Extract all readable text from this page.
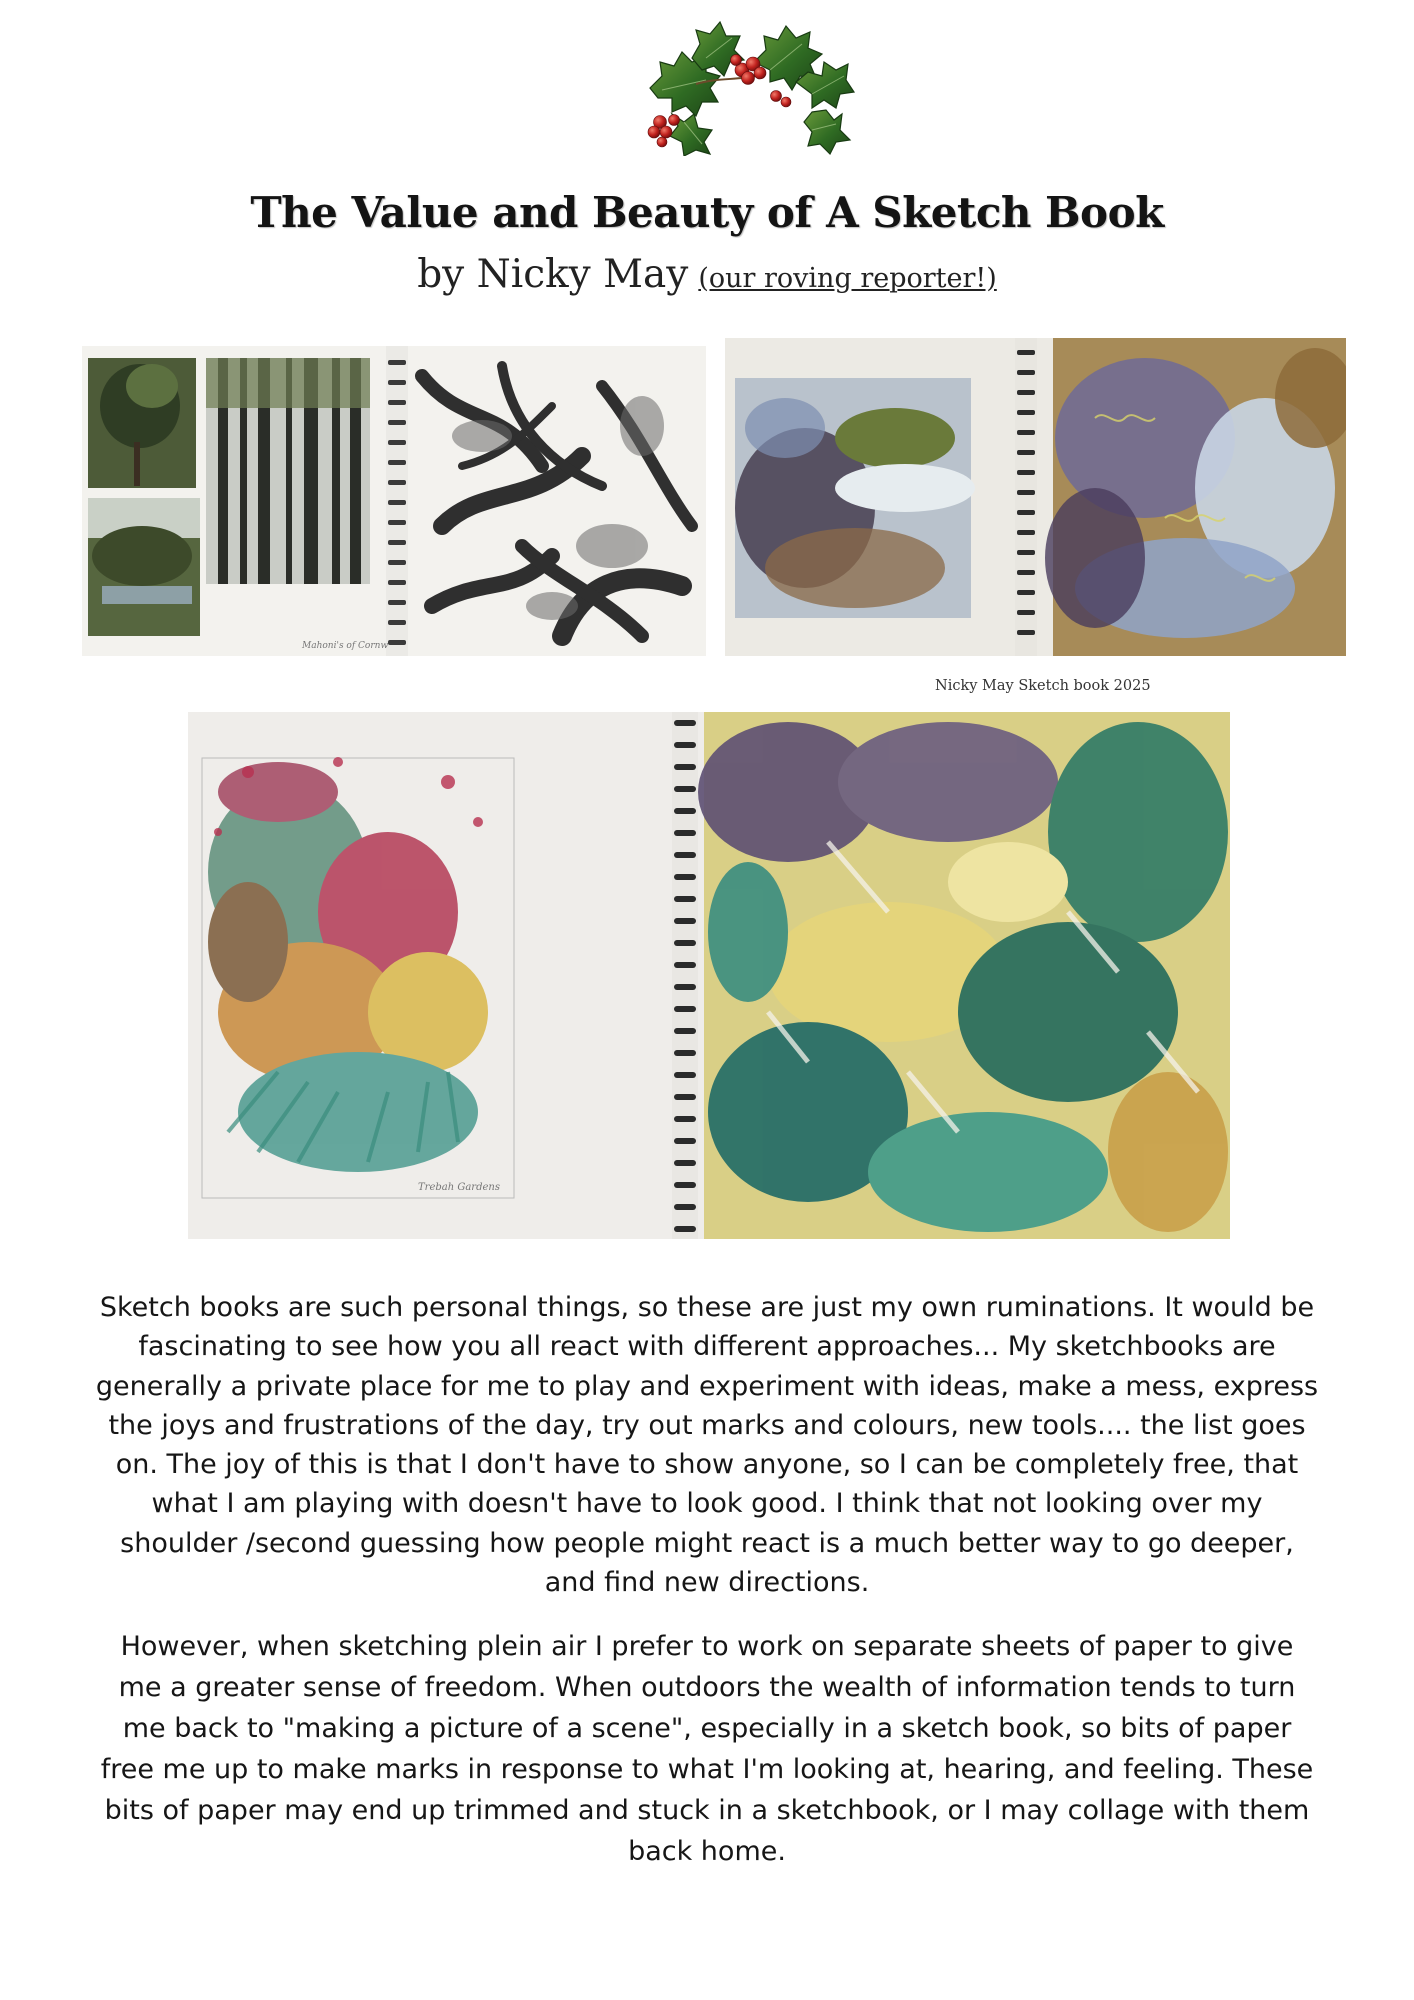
The Value and Beauty of A Sketch Book
by Nicky May (our roving reporter!)
Mahoni's of Cornw
Nicky May Sketch book 2025
Trebah Gardens

Sketch books are such personal things, so these are just my own ruminations. It would be fascinating to see how you all react with different approaches... My sketchbooks are generally a private place for me to play and experiment with ideas, make a mess, express the joys and frustrations of the day, try out marks and colours, new tools.... the list goes on. The joy of this is that I don't have to show anyone, so I can be completely free, that what I am playing with doesn't have to look good. I think that not looking over my shoulder /second guessing how people might react is a much better way to go deeper, and find new directions.

However, when sketching plein air I prefer to work on separate sheets of paper to give me a greater sense of freedom. When outdoors the wealth of information tends to turn me back to "making a picture of a scene", especially in a sketch book, so bits of paper free me up to make marks in response to what I'm looking at, hearing, and feeling. These bits of paper may end up trimmed and stuck in a sketchbook, or I may collage with them back home.
